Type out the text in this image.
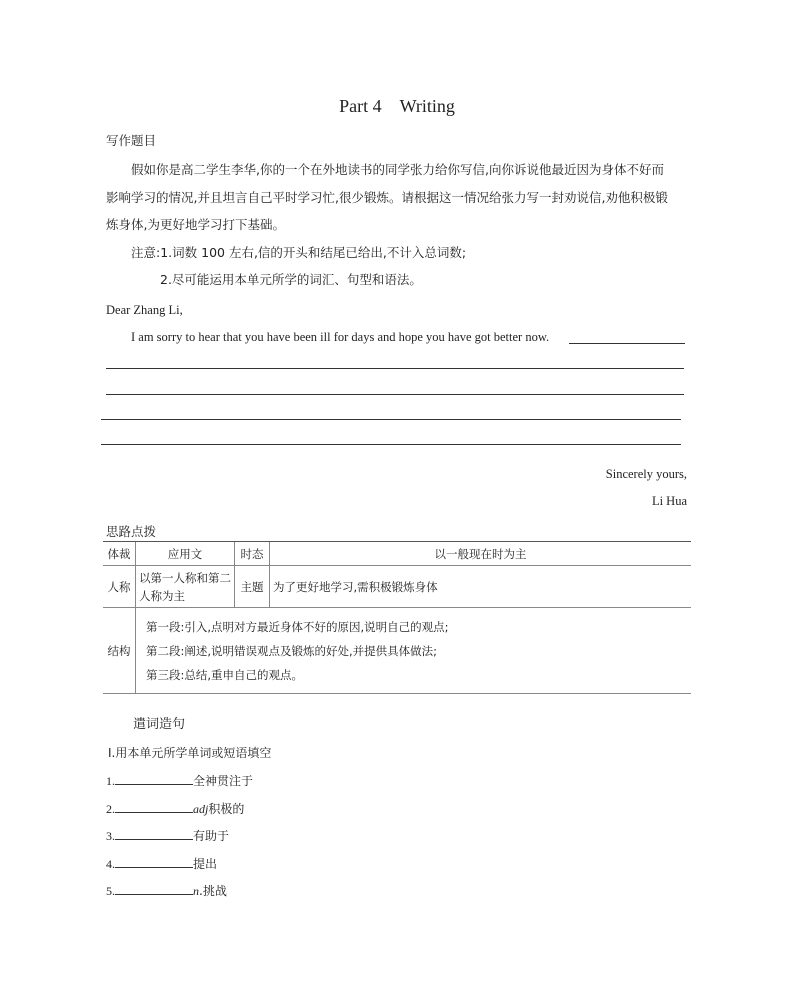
Part 4　Writing
写作题目
假如你是高二学生李华,你的一个在外地读书的同学张力给你写信,向你诉说他最近因为身体不好而
影响学习的情况,并且坦言自己平时学习忙,很少锻炼。请根据这一情况给张力写一封劝说信,劝他积极锻
炼身体,为更好地学习打下基础。
注意:1.词数 100 左右,信的开头和结尾已给出,不计入总词数;
2.尽可能运用本单元所学的词汇、句型和语法。
Dear Zhang Li,
I am sorry to hear that you have been ill for days and hope you have got better now.
Sincerely yours,
Li Hua
思路点拨
体裁	应用文	时态	以一般现在时为主
人称	以第一人称和第二人称为主	主题	为了更好地学习,需积极锻炼身体
结构	第一段:引入,点明对方最近身体不好的原因,说明自己的观点;
第二段:阐述,说明错误观点及锻炼的好处,并提供具体做法;
第三段:总结,重申自己的观点。		
遣词造句
Ⅰ.用本单元所学单词或短语填空
1.	全神贯注于
2.	adj积极的
3.	有助于
4.	提出
5.	n.挑战
